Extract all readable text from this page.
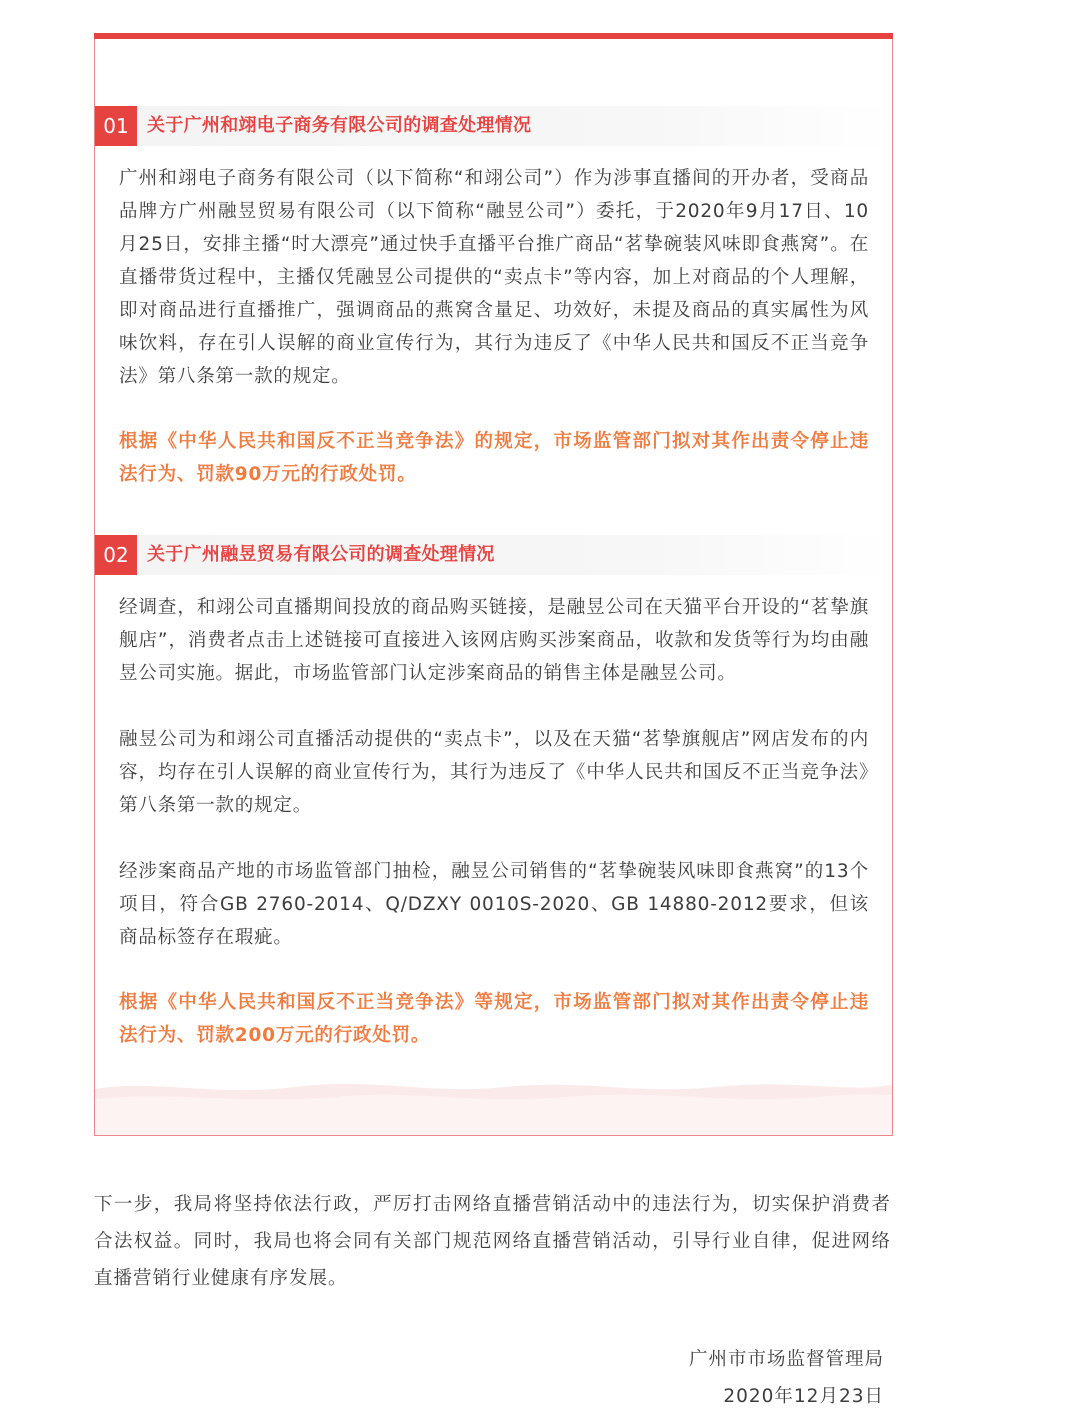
01	关于广州和翊电子商务有限公司的调查处理情况

广州和翊电子商务有限公司（以下简称“和翊公司”）作为涉事直播间的开办者，受商品品牌方广州融昱贸易有限公司（以下简称“融昱公司”）委托，于2020年9月17日、10月25日，安排主播“时大漂亮”通过快手直播平台推广商品“茗挚碗装风味即食燕窝”。在直播带货过程中，主播仅凭融昱公司提供的“卖点卡”等内容，加上对商品的个人理解，即对商品进行直播推广，强调商品的燕窝含量足、功效好，未提及商品的真实属性为风味饮料，存在引人误解的商业宣传行为，其行为违反了《中华人民共和国反不正当竞争法》第八条第一款的规定。

根据《中华人民共和国反不正当竞争法》的规定，市场监管部门拟对其作出责令停止违法行为、罚款90万元的行政处罚。

02	关于广州融昱贸易有限公司的调查处理情况

经调查，和翊公司直播期间投放的商品购买链接，是融昱公司在天猫平台开设的“茗挚旗舰店”，消费者点击上述链接可直接进入该网店购买涉案商品，收款和发货等行为均由融昱公司实施。据此，市场监管部门认定涉案商品的销售主体是融昱公司。

融昱公司为和翊公司直播活动提供的“卖点卡”，以及在天猫“茗挚旗舰店”网店发布的内容，均存在引人误解的商业宣传行为，其行为违反了《中华人民共和国反不正当竞争法》第八条第一款的规定。

经涉案商品产地的市场监管部门抽检，融昱公司销售的“茗挚碗装风味即食燕窝”的13个项目，符合GB 2760-2014、Q/DZXY 0010S-2020、GB 14880-2012要求，但该商品标签存在瑕疵。

根据《中华人民共和国反不正当竞争法》等规定，市场监管部门拟对其作出责令停止违法行为、罚款200万元的行政处罚。

下一步，我局将坚持依法行政，严厉打击网络直播营销活动中的违法行为，切实保护消费者合法权益。同时，我局也将会同有关部门规范网络直播营销活动，引导行业自律，促进网络直播营销行业健康有序发展。

广州市市场监督管理局
2020年12月23日
